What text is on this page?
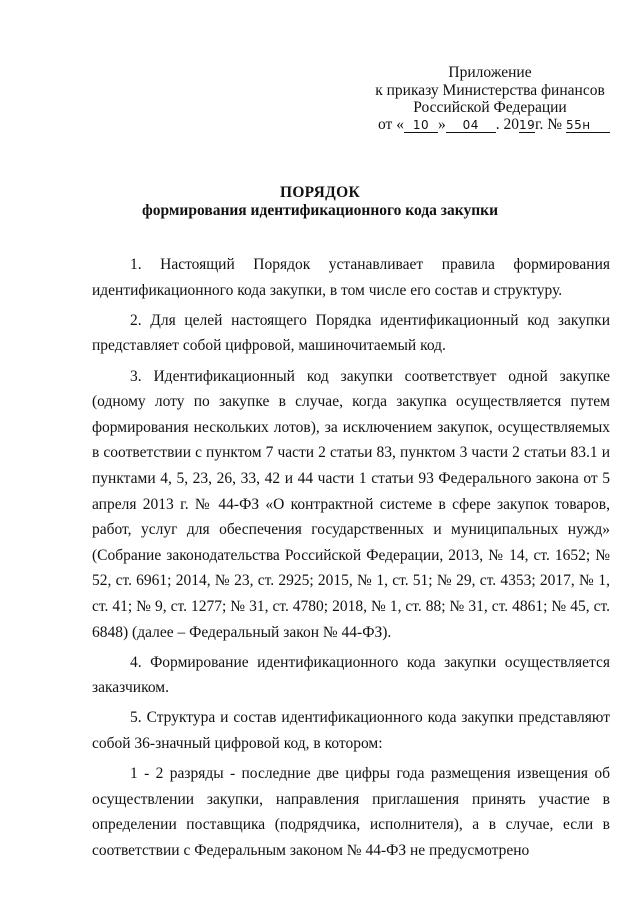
Приложение
к приказу Министерства финансов
Российской Федерации
от « 10 » 04 . 2019г. № 55н
ПОРЯДОК
формирования идентификационного кода закупки

1. Настоящий Порядок устанавливает правила формирования идентификационного кода закупки, в том числе его состав и структуру.

2. Для целей настоящего Порядка идентификационный код закупки представляет собой цифровой, машиночитаемый код.

3. Идентификационный код закупки соответствует одной закупке (одному лоту по закупке в случае, когда закупка осуществляется путем формирования нескольких лотов), за исключением закупок, осуществляемых в соответствии с пунктом 7 части 2 статьи 83, пунктом 3 части 2 статьи 83.1 и пунктами 4, 5, 23, 26, 33, 42 и 44 части 1 статьи 93 Федерального закона от 5 апреля 2013 г. № 44-ФЗ «О контрактной системе в сфере закупок товаров, работ, услуг для обеспечения государственных и муниципальных нужд» (Собрание законодательства Российской Федерации, 2013, № 14, ст. 1652; № 52, ст. 6961; 2014, № 23, ст. 2925; 2015, № 1, ст. 51; № 29, ст. 4353; 2017, № 1, ст. 41; № 9, ст. 1277; № 31, ст. 4780; 2018, № 1, ст. 88; № 31, ст. 4861; № 45, ст. 6848) (далее – Федеральный закон № 44-ФЗ).

4. Формирование идентификационного кода закупки осуществляется заказчиком.

5. Структура и состав идентификационного кода закупки представляют собой 36-значный цифровой код, в котором:

1 - 2 разряды - последние две цифры года размещения извещения об осуществлении закупки, направления приглашения принять участие в определении поставщика (подрядчика, исполнителя), а в случае, если в соответствии с Федеральным законом № 44-ФЗ не предусмотрено
